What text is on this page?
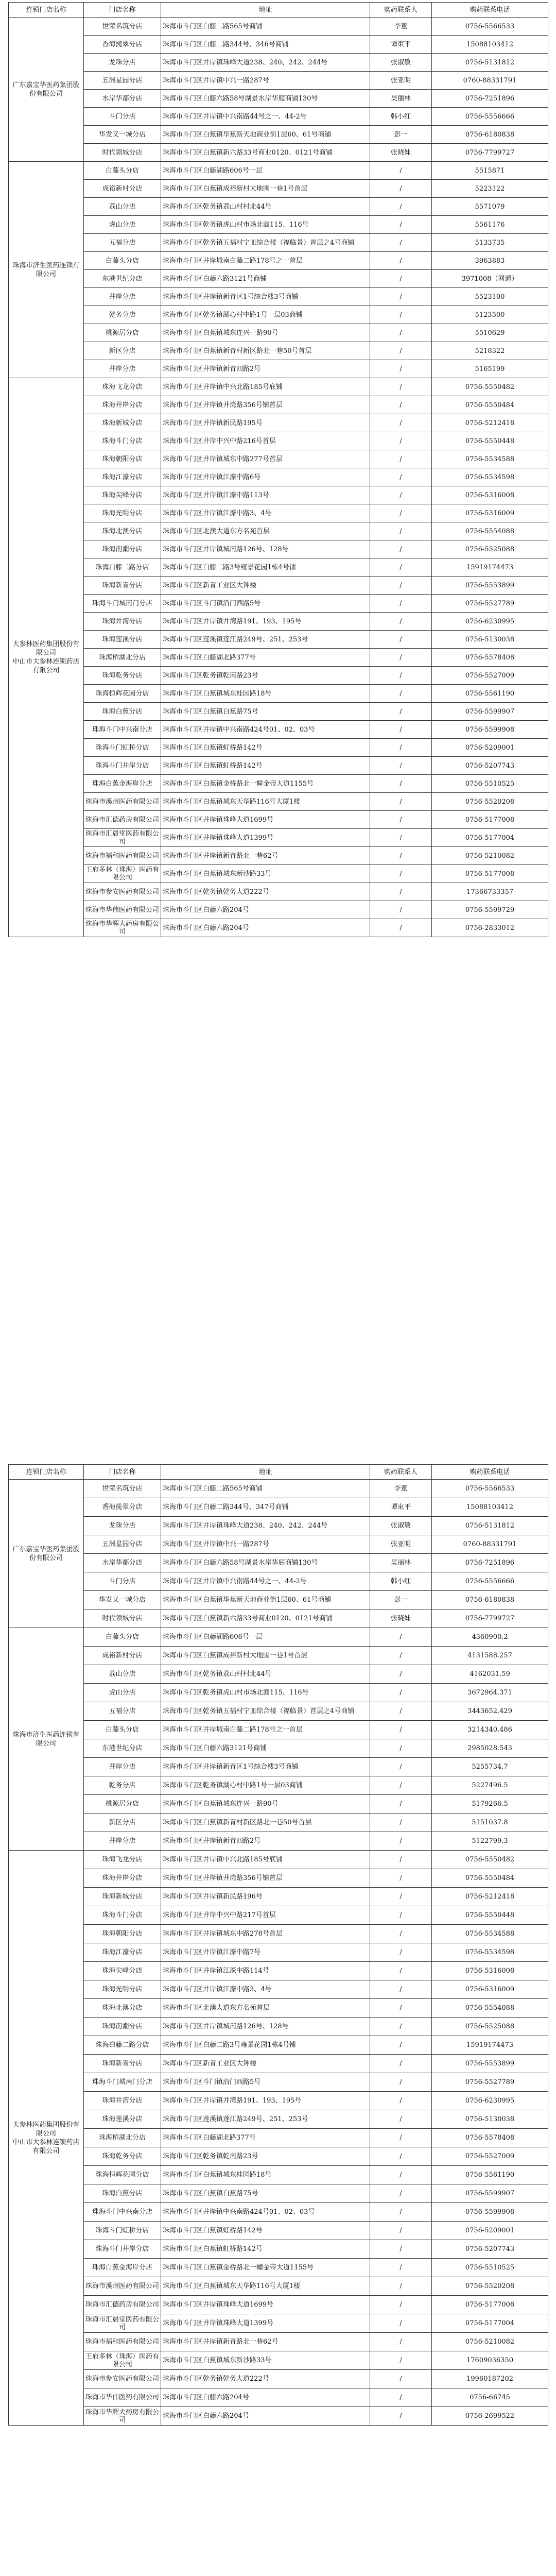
连锁门店名称	门店名称	地址	购药联系人	购药联系电话
广东嘉宝华医药集团股份有限公司	世荣名筑分店	珠海市斗门区白藤二路565号商铺	李董	0756-5566533
	香海揽翠分店	珠海市斗门区白藤二路344号、346号商铺	谭束平	15088103412
	龙珠分店	珠海市斗门区井岸镇珠峰大道238、240、242、244号	张淑敏	0756-5131812
	五洲星园分店	珠海市斗门区井岸镇中兴一路287号	张亚明	0760-88331791
	水岸华都分店	珠海市斗门区白藤六路58号湖景水岸华庭商铺130号	吴丽林	0756-7251896
	斗门分店	珠海市斗门区井岸镇中兴南路44号之一、44-2号	韩小红	0756-5556666
	华发又一城分店	珠海市斗门区白蕉镇华蕉新天地商业街1层60、61号商铺	彭一	0756-6180838
	时代领城分店	珠海市斗门区白蕉镇新六路33号商业0120、0121号商铺	张晓妹	0756-7799727
珠海市济生医药连锁有限公司	白藤头分店	珠海市斗门区白藤湖路606号一层	/	5515871
	成裕新村分店	珠海市斗门区白蕉镇成裕新村大地围一巷1号首层	/	5223122
	荔山分店	珠海市斗门区乾务镇荔山村村北44号	/	5571079
	虎山分店	珠海市斗门区乾务镇虎山村市场北面115、116号	/	5561176
	五福分店	珠海市斗门区乾务镇五福村宁皿综合楼（福临景）首层之4号商铺	/	5133735
	白藤头分店	珠海市斗门区井岸城南白藤二路178号之一首层	/	3963883
	东港世纪分店	珠海市斗门区白藤六路3121号商铺	/	3971008（网遇）
	井岸分店	珠海市斗门区井岸镇新青区1号综合楼3号商铺	/	5523100
	乾务分店	珠海市斗门区乾务镇湖心村中路1号一层03商铺	/	5123500
	桃源居分店	珠海市斗门区白蕉镇城东连兴一路90号	/	5510629
	新区分店	珠海市斗门区白蕉镇新青村新区路北一巷50号首层	/	5218322
	井岸分店	珠海市斗门区井岸镇新青四路2号	/	5165199
大参林医药集团股份有限公司
中山市大参林连锁药店有限公司	珠海飞龙分店	珠海市斗门区井岸镇中兴北路185号底铺	/	0756-5550482
	珠海井岸分店	珠海市斗门区井岸镇井湾路356号铺首层	/	0756-5550484
	珠海新城分店	珠海市斗门区井岸镇新民路195号	/	0756-5212418
	珠海斗门分店	珠海市斗门区井岸中兴中路216号首层	/	0756-5550448
	珠海朝阳分店	珠海市斗门区井岸镇城东中路277号首层	/	0756-5534588
	珠海江濠分店	珠海市斗门区井岸镇江濠中路6号	/	0756-5534598
	珠海尖峰分店	珠海市斗门区井岸镇江濠中路113号	/	0756-5316008
	珠海光明分店	珠海市斗门区井岸镇江濠中路3、4号	/	0756-5316009
	珠海北澳分店	珠海市斗门区北澳大道东方名苑首层	/	0756-5554088
	珠海南潮分店	珠海市斗门区井岸镇城南路126号、128号	/	0756-5525088
	珠海白藤二路分店	珠海市斗门区白藤二路3号雍景花园1栋4号铺	/	15919174473
	珠海新青分店	珠海市斗门区新青工业区大钟楼	/	0756-5553899
	珠海斗门城南门分店	珠海市斗门区斗门镇沿门西路5号	/	0756-5527789
	珠海井湾分店	珠海市斗门区井岸镇井湾路191、193、195号	/	0756-6230995
	珠海莲溪分店	珠海市斗门区莲溪镇莲江路249号、251、253号	/	0756-5130038
	珠海桥湖北分店	珠海市斗门区白藤湖北路377号	/	0756-5578408
	珠海乾务分店	珠海市斗门区乾务镇乾南路23号	/	0756-5527009
	珠海恒辉花园分店	珠海市斗门区白蕉镇城东桂园路18号	/	0756-5561190
	珠海白蕉分店	珠海市斗门区白蕉镇白蕉路75号	/	0756-5599907
	珠海斗门中兴南分店	珠海市斗门区井岸镇中兴南路424号01、02、03号	/	0756-5599908
	珠海斗门虹桥分店	珠海市斗门区白蕉镇虹桥路142号	/	0756-5209001
	珠海斗门井岸分店	珠海市斗门区白蕉镇虹桥路142号	/	0756-5207743
	珠海白蕉金海岸分店	珠海市斗门区白蕉镇金桥路北一幢金帝大道1155号	/	0756-5510525
	珠海市溪州医药有限公司	珠海市斗门区白蕉镇城东天华路116号大厦1楼	/	0756-5520208
	珠海市汇德药房有限公司	珠海市斗门区井岸镇珠峰大道1699号	/	0756-5177008
	珠海市汇晨堂医药有限公司	珠海市斗门区井岸镇珠峰大道1399号	/	0756-5177004
	珠海市福和医药有限公司	珠海市斗门区井岸镇新青路北一巷62号	/	0756-5210082
	王府多林（珠海）医药有限公司	珠海市斗门区白蕉镇城东新沙路33号	/	0756-5177008
	珠海市参安医药有限公司	珠海市斗门区乾务镇乾务大道222号	/	17366733357
	珠海市华伟医药有限公司	珠海市斗门区白藤六路204号	/	0756-5599729
	珠海市华辉大药房有限公司	珠海市斗门区白藤六路204号	/	0756-2833012
连锁门店名称	门店名称	地址	购药联系人	购药联系电话
广东嘉宝华医药集团股份有限公司	世荣名筑分店	珠海市斗门区白藤二路565号商铺	李董	0756-5566533
	香海揽翠分店	珠海市斗门区白藤二路344号、347号商铺	谭束平	15088103412
	龙珠分店	珠海市斗门区井岸镇珠峰大道238、240、242、244号	张淑敏	0756-5131812
	五洲星园分店	珠海市斗门区井岸镇中兴一路287号	张亚明	0760-88331791
	水岸华都分店	珠海市斗门区白藤六路58号湖景水岸华庭商铺130号	吴丽林	0756-7251896
	斗门分店	珠海市斗门区井岸镇中兴南路44号之一、44-2号	韩小红	0756-5556666
	华发又一城分店	珠海市斗门区白蕉镇华蕉新天地商业街1层60、61号商铺	彭一	0756-6180838
	时代领城分店	珠海市斗门区白蕉镇新六路33号商业0120、0121号商铺	张晓妹	0756-7799727
珠海市济生医药连锁有限公司	白藤头分店	珠海市斗门区白藤湖路606号一层	/	4360900.2
	成裕新村分店	珠海市斗门区白蕉镇成裕新村大地围一巷1号首层	/	4131588.257
	荔山分店	珠海市斗门区乾务镇荔山村村北44号	/	4162031.59
	虎山分店	珠海市斗门区乾务镇虎山村市场北面115、116号	/	3672964.371
	五福分店	珠海市斗门区乾务镇五福村宁皿综合楼（福临景）首层之4号商铺	/	3443652.429
	白藤头分店	珠海市斗门区井岸城南白藤二路178号之一首层	/	3214340.486
	东港世纪分店	珠海市斗门区白藤六路3121号商铺	/	2985028.543
	井岸分店	珠海市斗门区井岸镇新青区1号综合楼3号商铺	/	5255734.7
	乾务分店	珠海市斗门区乾务镇湖心村中路1号一层03商铺	/	5227496.5
	桃源居分店	珠海市斗门区白蕉镇城东连兴一路90号	/	5179266.5
	新区分店	珠海市斗门区白蕉镇新青村新区路北一巷50号首层	/	5151037.8
	井岸分店	珠海市斗门区井岸镇新青四路2号	/	5122799.3
大参林医药集团股份有限公司
中山市大参林连锁药店有限公司	珠海飞龙分店	珠海市斗门区井岸镇中兴北路185号底铺	/	0756-5550482
	珠海井岸分店	珠海市斗门区井岸镇井湾路356号铺首层	/	0756-5550484
	珠海新城分店	珠海市斗门区井岸镇新民路196号	/	0756-5212418
	珠海斗门分店	珠海市斗门区井岸中兴中路217号首层	/	0756-5550448
	珠海朝阳分店	珠海市斗门区井岸镇城东中路278号首层	/	0756-5534588
	珠海江濠分店	珠海市斗门区井岸镇江濠中路7号	/	0756-5534598
	珠海尖峰分店	珠海市斗门区井岸镇江濠中路114号	/	0756-5316008
	珠海光明分店	珠海市斗门区井岸镇江濠中路3、4号	/	0756-5316009
	珠海北澳分店	珠海市斗门区北澳大道东方名苑首层	/	0756-5554088
	珠海南潮分店	珠海市斗门区井岸镇城南路126号、128号	/	0756-5525088
	珠海白藤二路分店	珠海市斗门区白藤二路3号雍景花园1栋4号铺	/	15919174473
	珠海新青分店	珠海市斗门区新青工业区大钟楼	/	0756-5553899
	珠海斗门城南门分店	珠海市斗门区斗门镇沿门西路5号	/	0756-5527789
	珠海井湾分店	珠海市斗门区井岸镇井湾路191、193、195号	/	0756-6230995
	珠海莲溪分店	珠海市斗门区莲溪镇莲江路249号、251、253号	/	0756-5130038
	珠海桥湖北分店	珠海市斗门区白藤湖北路377号	/	0756-5578408
	珠海乾务分店	珠海市斗门区乾务镇乾南路23号	/	0756-5527009
	珠海恒辉花园分店	珠海市斗门区白蕉镇城东桂园路18号	/	0756-5561190
	珠海白蕉分店	珠海市斗门区白蕉镇白蕉路75号	/	0756-5599907
	珠海斗门中兴南分店	珠海市斗门区井岸镇中兴南路424号01、02、03号	/	0756-5599908
	珠海斗门虹桥分店	珠海市斗门区白蕉镇虹桥路142号	/	0756-5209001
	珠海斗门井岸分店	珠海市斗门区白蕉镇虹桥路142号	/	0756-5207743
	珠海白蕉金海岸分店	珠海市斗门区白蕉镇金桥路北一幢金帝大道1155号	/	0756-5510525
	珠海市溪州医药有限公司	珠海市斗门区白蕉镇城东天华路116号大厦1楼	/	0756-5520208
	珠海市汇德药房有限公司	珠海市斗门区井岸镇珠峰大道1699号	/	0756-5177008
	珠海市汇晨堂医药有限公司	珠海市斗门区井岸镇珠峰大道1399号	/	0756-5177004
	珠海市福和医药有限公司	珠海市斗门区井岸镇新青路北一巷62号	/	0756-5210082
	王府多林（珠海）医药有限公司	珠海市斗门区白蕉镇城东新沙路33号	/	17609036350
	珠海市参安医药有限公司	珠海市斗门区乾务镇乾务大道222号	/	19960187202
	珠海市华伟医药有限公司	珠海市斗门区白藤六路204号	/	0756-66745
	珠海市华辉大药房有限公司	珠海市斗门区白藤六路204号	/	0756-2699522
